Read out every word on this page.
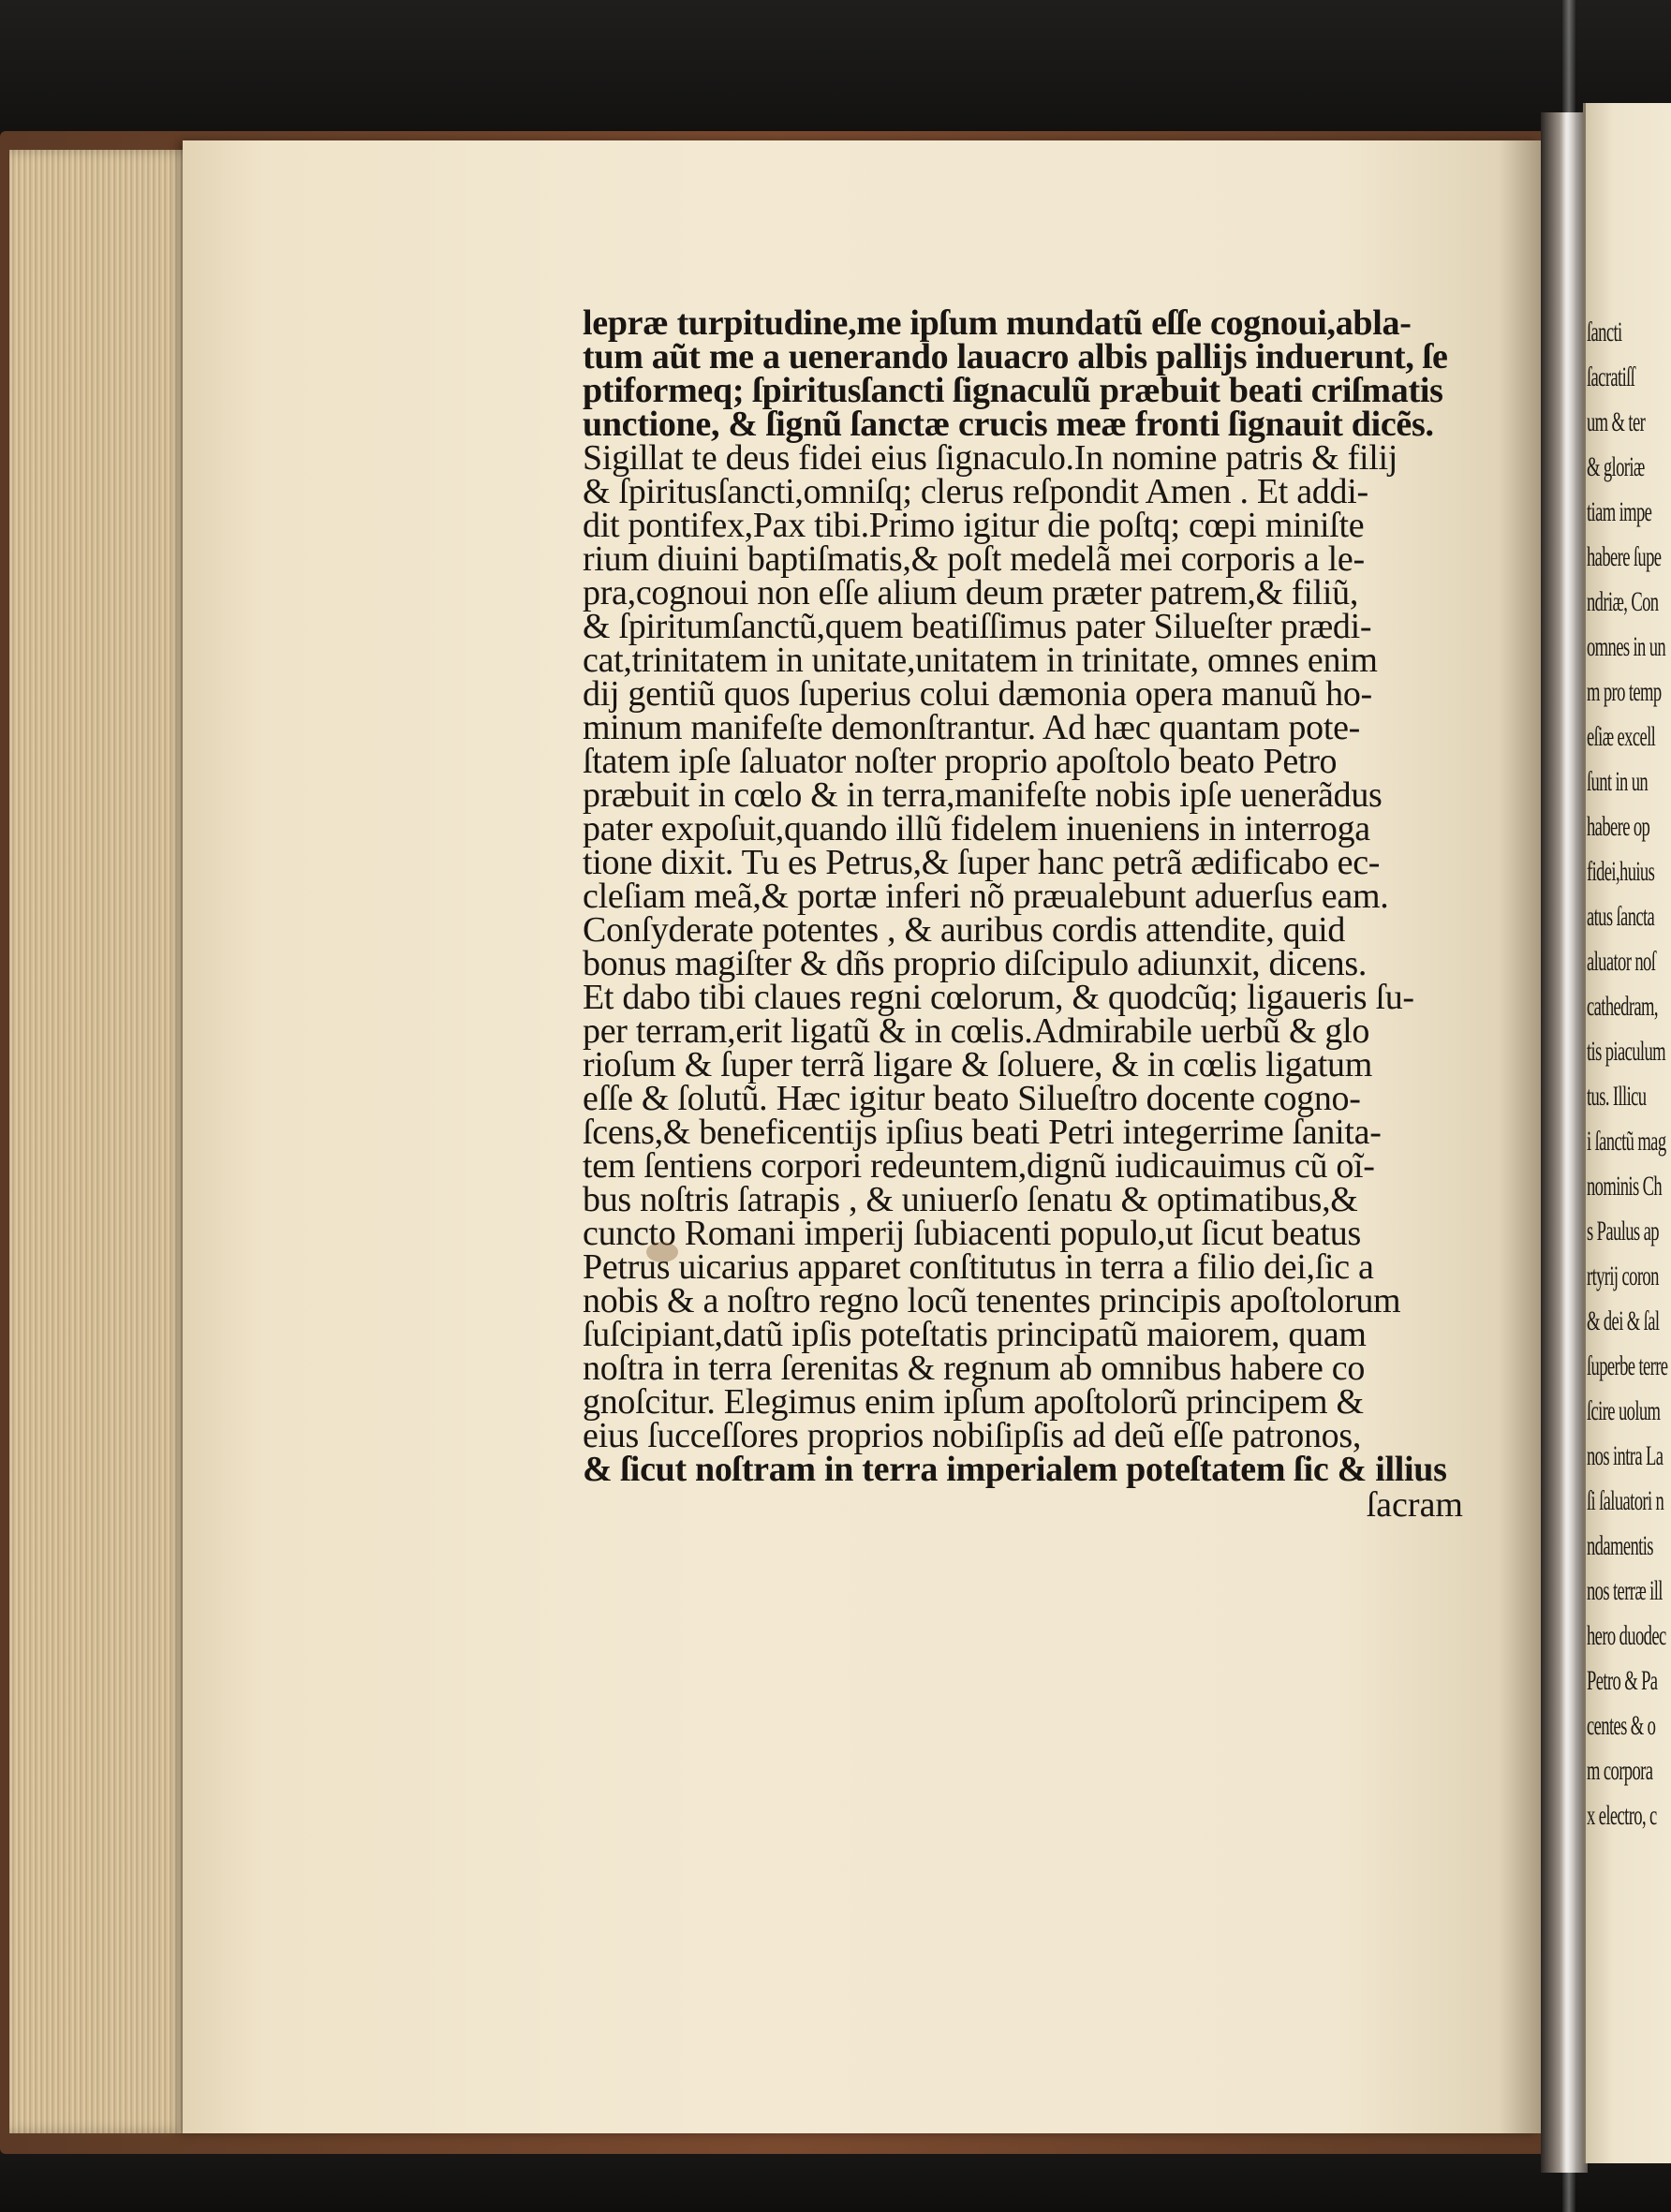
lepræ turpitudine,me ipſum mundatũ eſſe cognoui,abla-
tum aũt me a uenerando lauacro albis pallijs induerunt, ſe
ptiformeq; ſpiritusſancti ſignaculũ præbuit beati criſmatis
unctione, & ſignũ ſanctæ crucis meæ fronti ſignauit dicẽs.
Sigillat te deus fidei eius ſignaculo.In nomine patris & filij
& ſpiritusſancti,omniſq; clerus reſpondit Amen . Et addi-
dit pontifex,Pax tibi.Primo igitur die poſtq; cœpi miniſte
rium diuini baptiſmatis,& poſt medelã mei corporis a le-
pra,cognoui non eſſe alium deum præter patrem,& filiũ,
& ſpiritumſanctũ,quem beatiſſimus pater Silueſter prædi-
cat,trinitatem in unitate,unitatem in trinitate, omnes enim
dij gentiũ quos ſuperius colui dæmonia opera manuũ ho-
minum manifeſte demonſtrantur. Ad hæc quantam pote-
ſtatem ipſe ſaluator noſter proprio apoſtolo beato Petro
præbuit in cœlo & in terra,manifeſte nobis ipſe uenerãdus
pater expoſuit,quando illũ fidelem inueniens in interroga
tione dixit. Tu es Petrus,& ſuper hanc petrã ædificabo ec-
cleſiam meã,& portæ inferi nõ præualebunt aduerſus eam.
Conſyderate potentes , & auribus cordis attendite, quid
bonus magiſter & dñs proprio diſcipulo adiunxit, dicens.
Et dabo tibi claues regni cœlorum, & quodcũq; ligaueris ſu-
per terram,erit ligatũ & in cœlis.Admirabile uerbũ & glo
rioſum & ſuper terrã ligare & ſoluere, & in cœlis ligatum
eſſe & ſolutũ. Hæc igitur beato Silueſtro docente cogno-
ſcens,& beneficentijs ipſius beati Petri integerrime ſanita-
tem ſentiens corpori redeuntem,dignũ iudicauimus cũ oĩ-
bus noſtris ſatrapis , & uniuerſo ſenatu & optimatibus,&
cuncto Romani imperij ſubiacenti populo,ut ſicut beatus
Petrus uicarius apparet conſtitutus in terra a filio dei,ſic a
nobis & a noſtro regno locũ tenentes principis apoſtolorum
ſuſcipiant,datũ ipſis poteſtatis principatũ maiorem, quam
noſtra in terra ſerenitas & regnum ab omnibus habere co
gnoſcitur. Elegimus enim ipſum apoſtolorũ principem &
eius ſucceſſores proprios nobiſipſis ad deũ eſſe patronos,
& ſicut noſtram in terra imperialem poteſtatem ſic & illius
ſacram
ſancti
ſacratiſſ
um & ter
& gloriæ
tiam impe
habere ſupe
ndriæ, Con
omnes in un
m pro temp
eſiæ excell
ſunt in un
habere op
fidei,huius
atus ſancta
aluator noſ
cathedram,
tis piaculum
tus. Illicu
i ſanctũ mag
nominis Ch
s Paulus ap
rtyrij coron
& dei & ſal
ſuperbe terre
ſcire uolum
nos intra La
ſi ſaluatori n
ndamentis
nos terræ ill
hero duodec
Petro & Pa
centes & o
m corpora
x electro, c
